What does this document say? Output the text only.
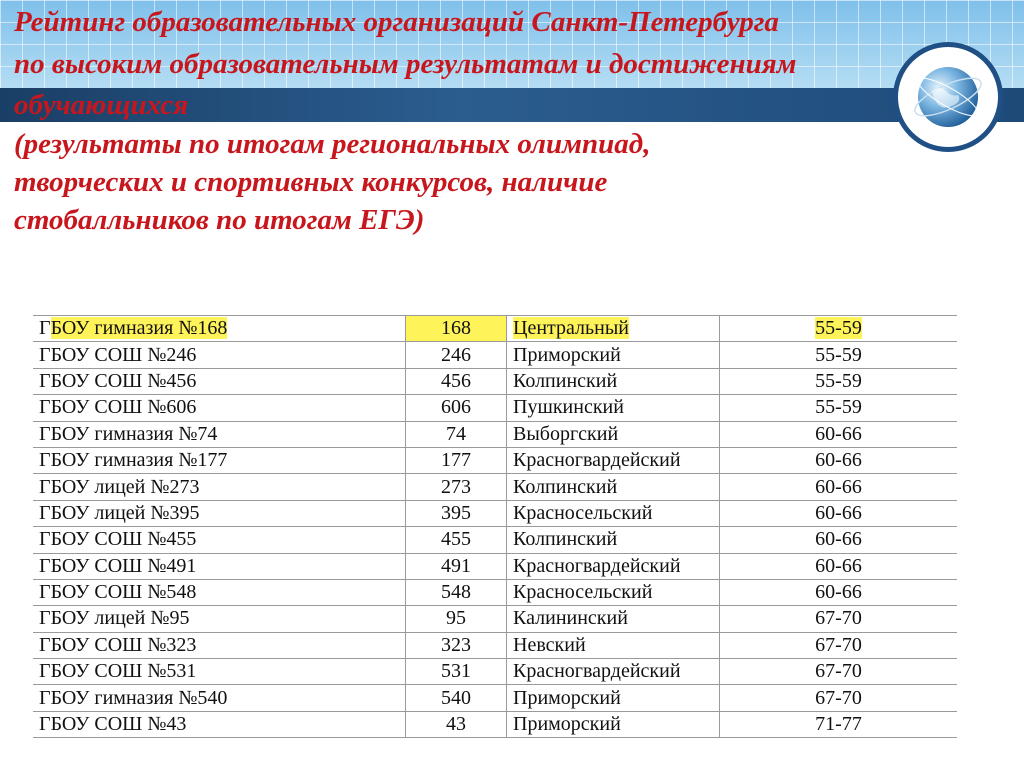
Рейтинг образовательных организаций Санкт-Петербурга
по высоким образовательным результатам и достижениям
обучающихся
(результаты по итогам региональных олимпиад,
творческих и спортивных конкурсов, наличие
стобалльников по итогам ЕГЭ)
ГБОУ гимназия №168	168	Центральный	55-59
ГБОУ СОШ №246	246	Приморский	55-59
ГБОУ СОШ №456	456	Колпинский	55-59
ГБОУ СОШ №606	606	Пушкинский	55-59
ГБОУ гимназия №74	74	Выборгский	60-66
ГБОУ гимназия №177	177	Красногвардейский	60-66
ГБОУ лицей №273	273	Колпинский	60-66
ГБОУ лицей №395	395	Красносельский	60-66
ГБОУ СОШ №455	455	Колпинский	60-66
ГБОУ СОШ №491	491	Красногвардейский	60-66
ГБОУ СОШ №548	548	Красносельский	60-66
ГБОУ лицей №95	95	Калининский	67-70
ГБОУ СОШ №323	323	Невский	67-70
ГБОУ СОШ №531	531	Красногвардейский	67-70
ГБОУ гимназия №540	540	Приморский	67-70
ГБОУ СОШ №43	43	Приморский	71-77
